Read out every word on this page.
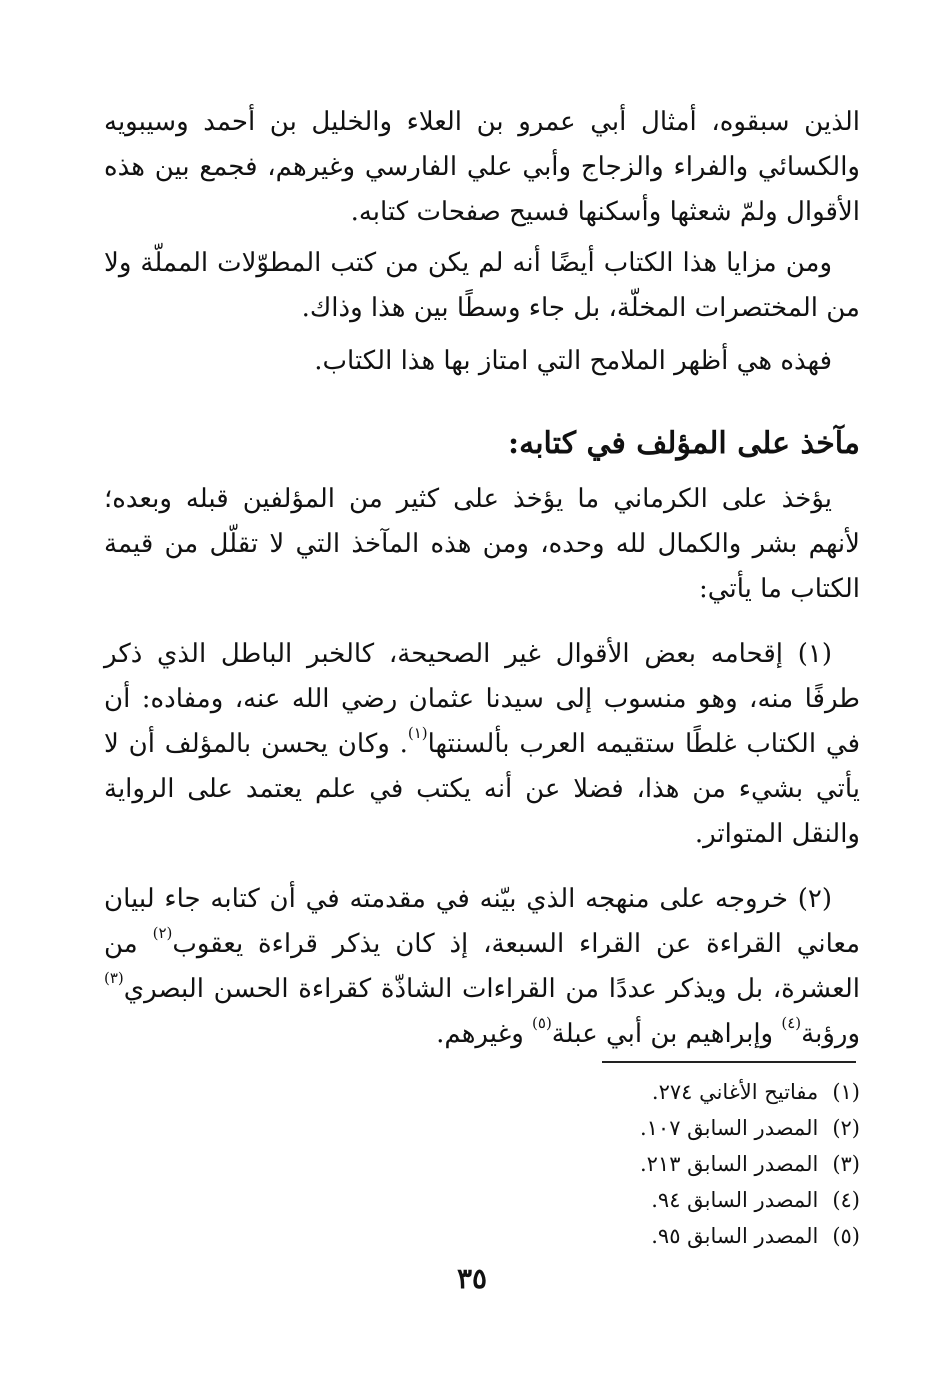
الذين سبقوه، أمثال أبي عمرو بن العلاء والخليل بن أحمد وسيبويه والكسائي والفراء والزجاج وأبي علي الفارسي وغيرهم، فجمع بين هذه الأقوال ولمّ شعثها وأسكنها فسيح صفحات كتابه.

ومن مزايا هذا الكتاب أيضًا أنه لم يكن من كتب المطوّلات المملّة ولا من المختصرات المخلّة، بل جاء وسطًا بين هذا وذاك.

فهذه هي أظهر الملامح التي امتاز بها هذا الكتاب.

مآخذ على المؤلف في كتابه:

يؤخذ على الكرماني ما يؤخذ على كثير من المؤلفين قبله وبعده؛ لأنهم بشر والكمال لله وحده، ومن هذه المآخذ التي لا تقلّل من قيمة الكتاب ما يأتي:

(١) إقحامه بعض الأقوال غير الصحيحة، كالخبر الباطل الذي ذكر طرفًا منه، وهو منسوب إلى سيدنا عثمان رضي الله عنه، ومفاده: أن في الكتاب غلطًا ستقيمه العرب بألسنتها$^{(١)}$. وكان يحسن بالمؤلف أن لا يأتي بشيء من هذا، فضلا عن أنه يكتب في علم يعتمد على الرواية والنقل المتواتر.

(٢) خروجه على منهجه الذي بيّنه في مقدمته في أن كتابه جاء لبيان معاني القراءة عن القراء السبعة، إذ كان يذكر قراءة يعقوب$^{(٢)}$ من العشرة، بل ويذكر عددًا من القراءات الشاذّة كقراءة الحسن البصري$^{(٣)}$ ورؤبة$^{(٤)}$ وإبراهيم بن أبي عبلة$^{(٥)}$ وغيرهم.

(١)مفاتيح الأغاني ٢٧٤.
(٢)المصدر السابق ١٠٧.
(٣)المصدر السابق ٢١٣.
(٤)المصدر السابق ٩٤.
(٥)المصدر السابق ٩٥.
٣٥
